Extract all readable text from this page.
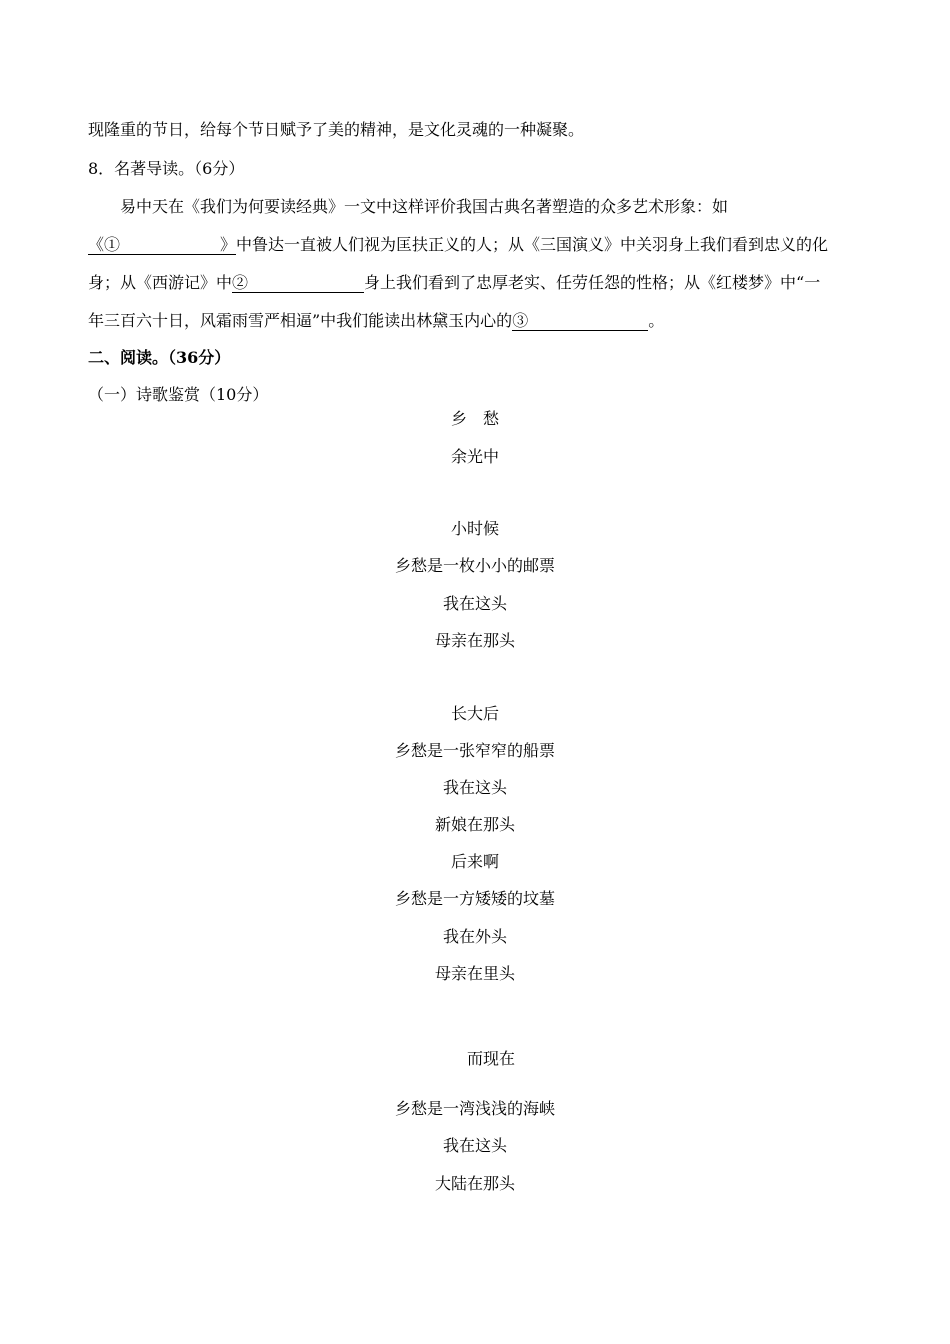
现隆重的节日，给每个节日赋予了美的精神，是文化灵魂的一种凝聚。
8．名著导读。（6分）
易中天在《我们为何要读经典》一文中这样评价我国古典名著塑造的众多艺术形象：如
《①	》中鲁达一直被人们视为匡扶正义的人；从《三国演义》中关羽身上我们看到忠义的化
身；从《西游记》中②	身上我们看到了忠厚老实、任劳任怨的性格；从《红楼梦》中“一
年三百六十日，风霜雨雪严相逼”中我们能读出林黛玉内心的③	。
二、阅读。（36分）
（一）诗歌鉴赏（10分）
乡　愁
余光中
小时候
乡愁是一枚小小的邮票
我在这头
母亲在那头
长大后
乡愁是一张窄窄的船票
我在这头
新娘在那头
后来啊
乡愁是一方矮矮的坟墓
我在外头
母亲在里头
而现在
乡愁是一湾浅浅的海峡
我在这头
大陆在那头
